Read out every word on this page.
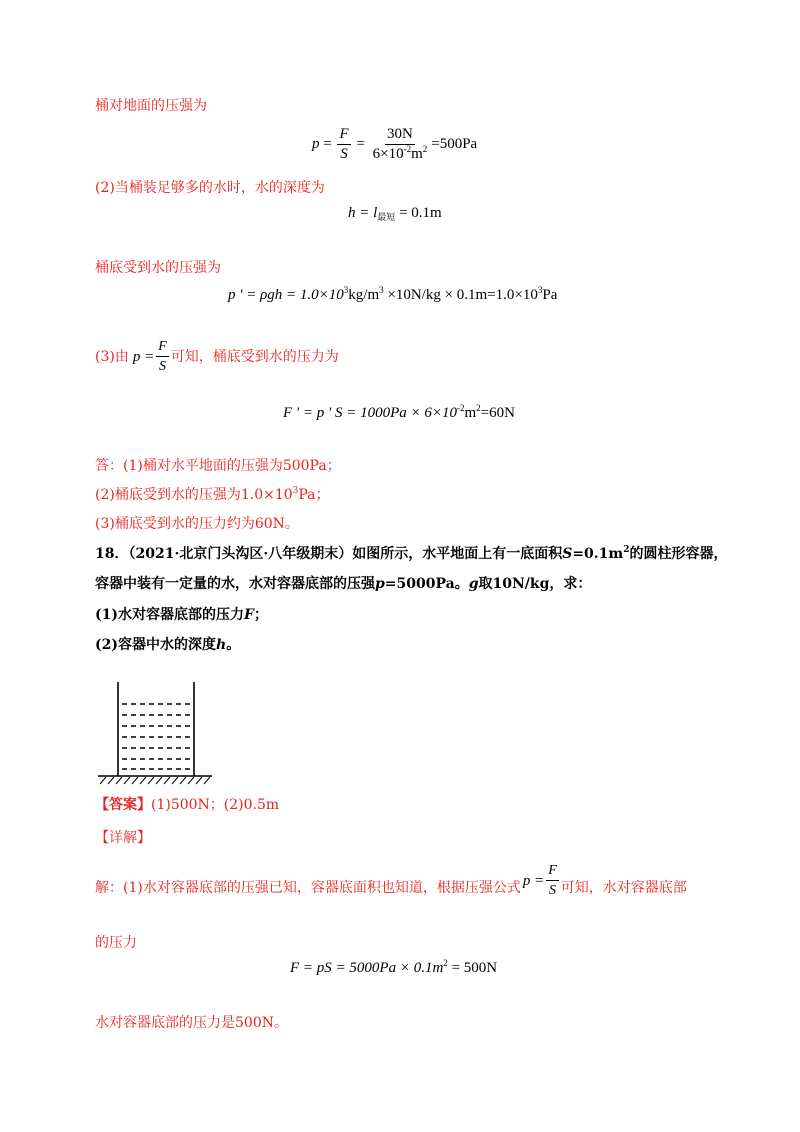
桶对地面的压强为
$p = \frac{F}{S} = \frac{30N}{6\times 10^{-2}m^2} =500Pa$
(2)当桶装足够多的水时，水的深度为
$h = l_{最短} = 0.1m$
桶底受到水的压强为
p ' = $\rho gh = 1.0\times 10^3kg/m^3 \times 10N/kg \times 0.1m=1.0\times 10^3Pa$
(3)由 $p = \frac{F}{S}$ 可知，桶底受到水的压力为
F ' = p ' $S = 1000Pa \times 6\times 10^{-2}m^2=60N$
答：(1)桶对水平地面的压强为500Pa；
(2)桶底受到水的压强为$1.0\times 10^3Pa$；
(3)桶底受到水的压力约为60N。
18．（2021·北京门头沟区·八年级期末）如图所示，水平地面上有一底面积$S=0.1m^2$的圆柱形容器，
容器中装有一定量的水，水对容器底部的压强p=5000Pa。g取10N/kg，求：
(1)水对容器底部的压力F；
(2)容器中水的深度h。
【答案】(1)500N；(2)0.5m
【详解】
解：(1)水对容器底部的压强已知，容器底面积也知道，根据压强公式 $p = \frac{F}{S}$ 可知，水对容器底部
的压力
F = pS = $5000Pa \times 0.1m^2 = 500N$
水对容器底部的压力是500N。
